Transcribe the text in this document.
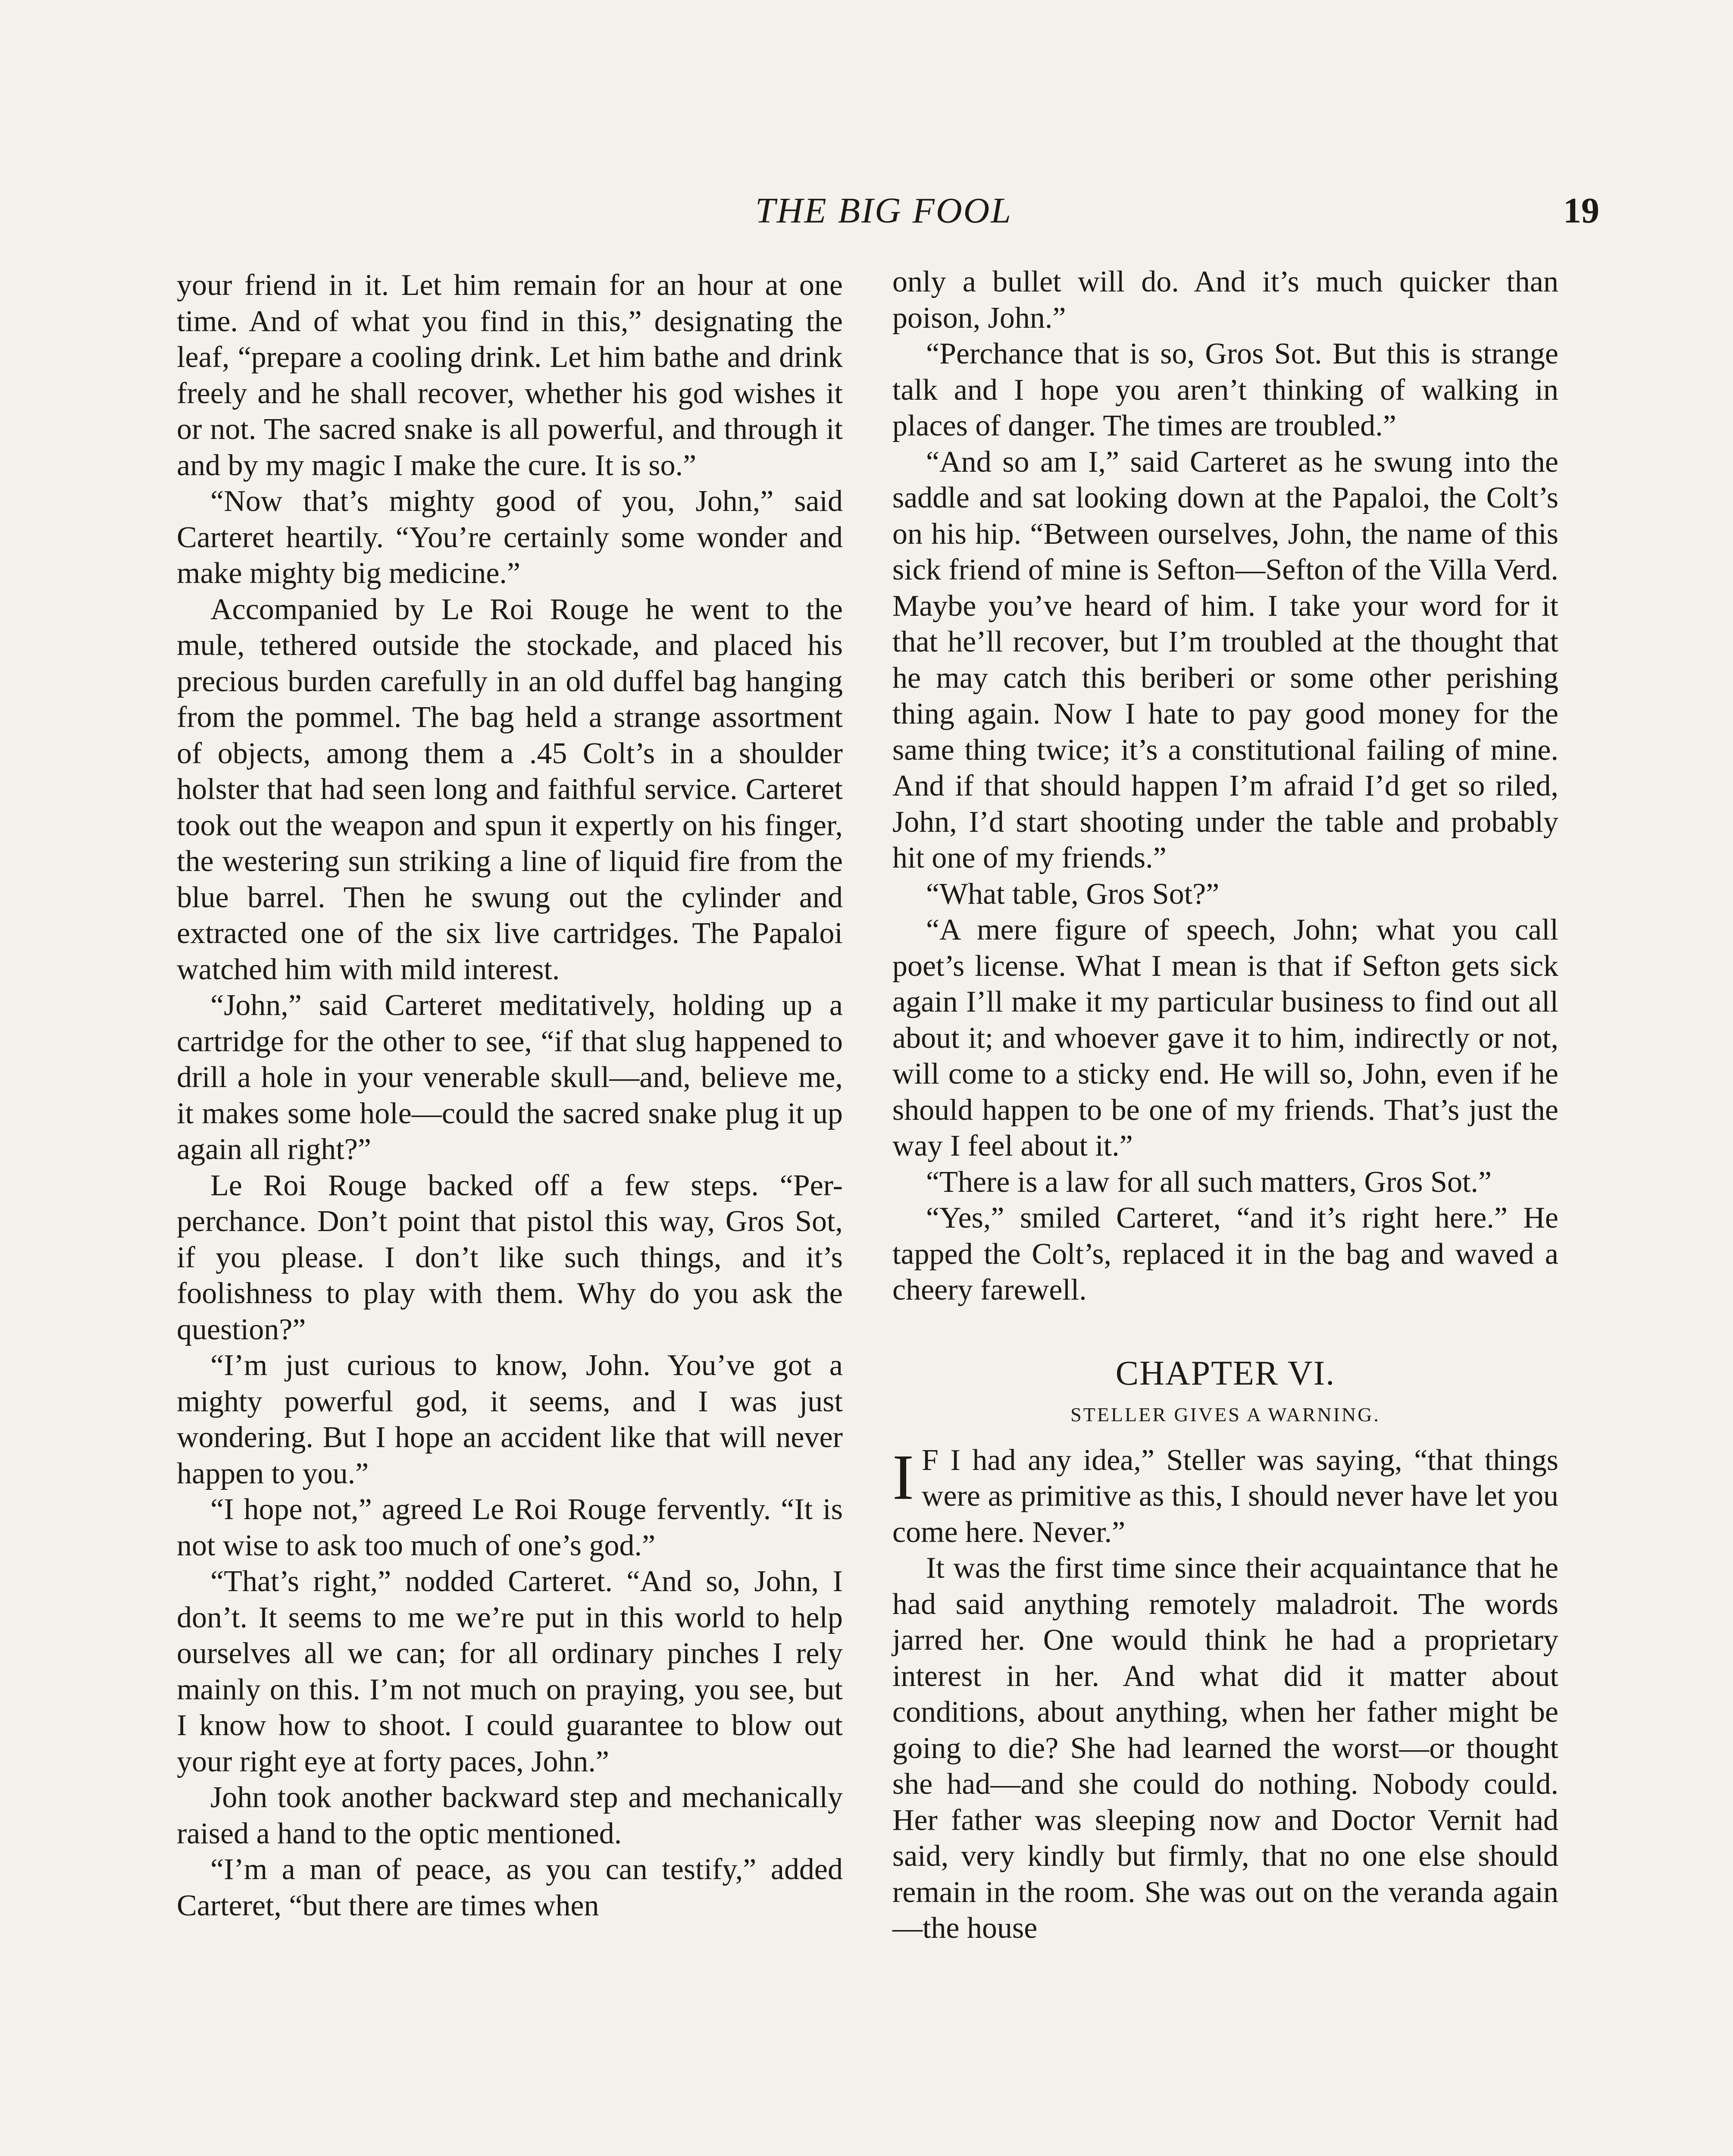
THE BIG FOOL	19

your friend in it. Let him remain for an hour at one time. And of what you find in this,” designating the leaf, “prepare a cooling drink. Let him bathe and drink freely and he shall recover, whether his god wishes it or not. The sacred snake is all powerful, and through it and by my magic I make the cure. It is so.”

“Now that’s mighty good of you, John,” said Carteret heartily. “You’re certainly some wonder and make mighty big medicine.”

Accompanied by Le Roi Rouge he went to the mule, tethered outside the stockade, and placed his precious burden carefully in an old duffel bag hanging from the pommel. The bag held a strange assortment of objects, among them a .45 Colt’s in a shoulder holster that had seen long and faithful service. Carteret took out the weapon and spun it expertly on his finger, the westering sun striking a line of liquid fire from the blue barrel. Then he swung out the cylinder and extracted one of the six live cartridges. The Papaloi watched him with mild interest.

“John,” said Carteret meditatively, holding up a cartridge for the other to see, “if that slug happened to drill a hole in your venerable skull—and, believe me, it makes some hole—could the sacred snake plug it up again all right?”

Le Roi Rouge backed off a few steps. “Per-perchance. Don’t point that pistol this way, Gros Sot, if you please. I don’t like such things, and it’s foolishness to play with them. Why do you ask the question?”

“I’m just curious to know, John. You’ve got a mighty powerful god, it seems, and I was just wondering. But I hope an accident like that will never happen to you.”

“I hope not,” agreed Le Roi Rouge fervently. “It is not wise to ask too much of one’s god.”

“That’s right,” nodded Carteret. “And so, John, I don’t. It seems to me we’re put in this world to help ourselves all we can; for all ordinary pinches I rely mainly on this. I’m not much on praying, you see, but I know how to shoot. I could guarantee to blow out your right eye at forty paces, John.”

John took another backward step and mechanically raised a hand to the optic mentioned.

“I’m a man of peace, as you can testify,” added Carteret, “but there are times when

only a bullet will do. And it’s much quicker than poison, John.”

“Perchance that is so, Gros Sot. But this is strange talk and I hope you aren’t thinking of walking in places of danger. The times are troubled.”

“And so am I,” said Carteret as he swung into the saddle and sat looking down at the Papaloi, the Colt’s on his hip. “Between ourselves, John, the name of this sick friend of mine is Sefton—Sefton of the Villa Verd. Maybe you’ve heard of him. I take your word for it that he’ll recover, but I’m troubled at the thought that he may catch this beriberi or some other perishing thing again. Now I hate to pay good money for the same thing twice; it’s a constitutional failing of mine. And if that should happen I’m afraid I’d get so riled, John, I’d start shooting under the table and probably hit one of my friends.”

“What table, Gros Sot?”

“A mere figure of speech, John; what you call poet’s license. What I mean is that if Sefton gets sick again I’ll make it my particular business to find out all about it; and whoever gave it to him, indirectly or not, will come to a sticky end. He will so, John, even if he should happen to be one of my friends. That’s just the way I feel about it.”

“There is a law for all such matters, Gros Sot.”

“Yes,” smiled Carteret, “and it’s right here.” He tapped the Colt’s, replaced it in the bag and waved a cheery farewell.

CHAPTER VI.
STELLER GIVES A WARNING.

I F I had any idea,” Steller was saying, “that things were as primitive as this, I should never have let you come here. Never.”

It was the first time since their acquaintance that he had said anything remotely maladroit. The words jarred her. One would think he had a proprietary interest in her. And what did it matter about conditions, about anything, when her father might be going to die? She had learned the worst—or thought she had—and she could do nothing. Nobody could. Her father was sleeping now and Doctor Vernit had said, very kindly but firmly, that no one else should remain in the room. She was out on the veranda again—the house
